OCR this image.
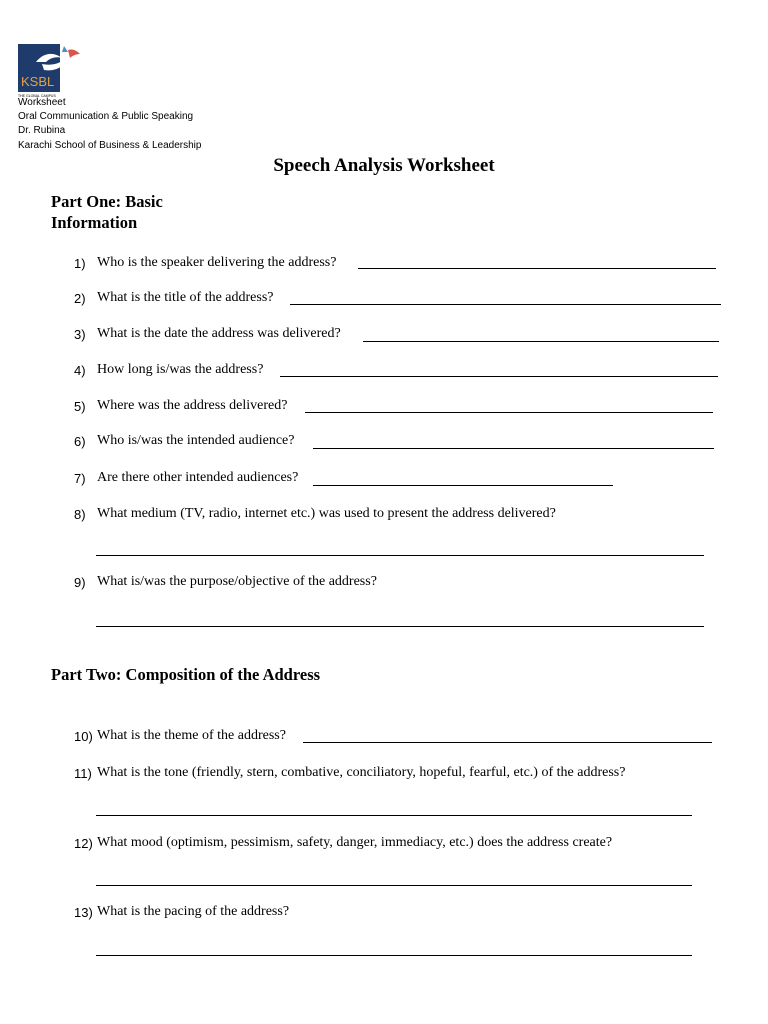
KSBL
THE GLOBAL CAMPUS
Worksheet
Oral Communication & Public Speaking
Dr. Rubina
Karachi School of Business & Leadership
Speech Analysis Worksheet
Part One: Basic Information
1) Who is the speaker delivering the address?
2) What is the title of the address?
3) What is the date the address was delivered?
4) How long is/was the address?
5) Where was the address delivered?
6) Who is/was the intended audience?
7) Are there other intended audiences?
8) What medium (TV, radio, internet etc.) was used to present the address delivered?
9) What is/was the purpose/objective of the address?
Part Two: Composition of the Address
10) What is the theme of the address?
11) What is the tone (friendly, stern, combative, conciliatory, hopeful, fearful, etc.) of the address?
12) What mood (optimism, pessimism, safety, danger, immediacy, etc.) does the address create?
13) What is the pacing of the address?
